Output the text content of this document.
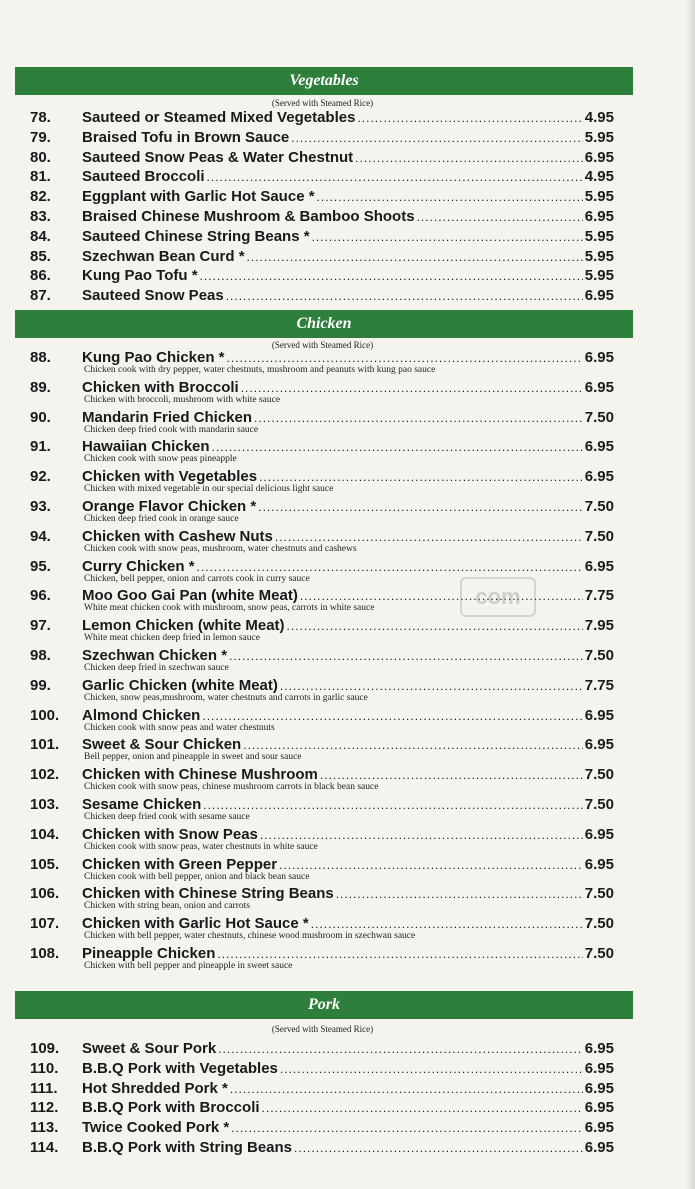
Vegetables
(Served with Steamed Rice)
78. Sauteed or Steamed Mixed Vegetables .....	4.95
79. Braised Tofu in Brown Sauce .....	5.95
80. Sauteed Snow Peas & Water Chestnut .....	6.95
81. Sauteed Broccoli .....	4.95
82. Eggplant with Garlic Hot Sauce * .....	5.95
83. Braised Chinese Mushroom & Bamboo Shoots .....	6.95
84. Sauteed Chinese String Beans * .....	5.95
85. Szechwan Bean Curd * .....	5.95
86. Kung Pao Tofu * .....	5.95
87. Sauteed Snow Peas .....	6.95
Chicken
(Served with Steamed Rice)
88. Kung Pao Chicken * .....	6.95
Chicken cook with dry pepper, water chestnuts, mushroom and peanuts with kung pao sauce
89. Chicken with Broccoli .....	6.95
Chicken with broccoli, mushroom with white sauce
90. Mandarin Fried Chicken .....	7.50
Chicken deep fried cook with mandarin sauce
91. Hawaiian Chicken .....	6.95
Chicken cook with snow peas pineapple
92. Chicken with Vegetables .....	6.95
Chicken with mixed vegetable in our special delicious light sauce
93. Orange Flavor Chicken * .....	7.50
Chicken deep fried cook in orange sauce
94. Chicken with Cashew Nuts .....	7.50
Chicken cook with snow peas, mushroom, water chestnuts and cashews
95. Curry Chicken * .....	6.95
Chicken, bell pepper, onion and carrots cook in curry sauce
96. Moo Goo Gai Pan (white Meat) .....	7.75
White meat chicken cook with mushroom, snow peas, carrots in white sauce
97. Lemon Chicken (white Meat) .....	7.95
White meat chicken deep fried in lemon sauce
98. Szechwan Chicken * .....	7.50
Chicken deep fried in szechwan sauce
99. Garlic Chicken (white Meat) .....	7.75
Chicken, snow peas,mushroom, water chestnuts and carrots in garlic sauce
100. Almond Chicken .....	6.95
Chicken cook with snow peas and water chestnuts
101. Sweet & Sour Chicken .....	6.95
Bell pepper, onion and pineapple in sweet and sour sauce
102. Chicken with Chinese Mushroom .....	7.50
Chicken cook with snow peas, chinese mushroom carrots in black bean sauce
103. Sesame Chicken .....	7.50
Chicken deep fried cook with sesame sauce
104. Chicken with Snow Peas .....	6.95
Chicken cook with snow peas, water chestnuts in white sauce
105. Chicken with Green Pepper .....	6.95
Chicken cook with bell pepper, onion and black bean sauce
106. Chicken with Chinese String Beans .....	7.50
Chicken with string bean, onion and carrots
107. Chicken with Garlic Hot Sauce * .....	7.50
Chicken with bell pepper, water chestnuts, chinese wood mushroom in szechwan sauce
108. Pineapple Chicken .....	7.50
Chicken with bell pepper and pineapple in sweet sauce
Pork
(Served with Steamed Rice)
109. Sweet & Sour Pork .....	6.95
110. B.B.Q Pork with Vegetables .....	6.95
111. Hot Shredded Pork * .....	6.95
112. B.B.Q Pork with Broccoli .....	6.95
113. Twice Cooked Pork * .....	6.95
114. B.B.Q Pork with String Beans .....	6.95
com
